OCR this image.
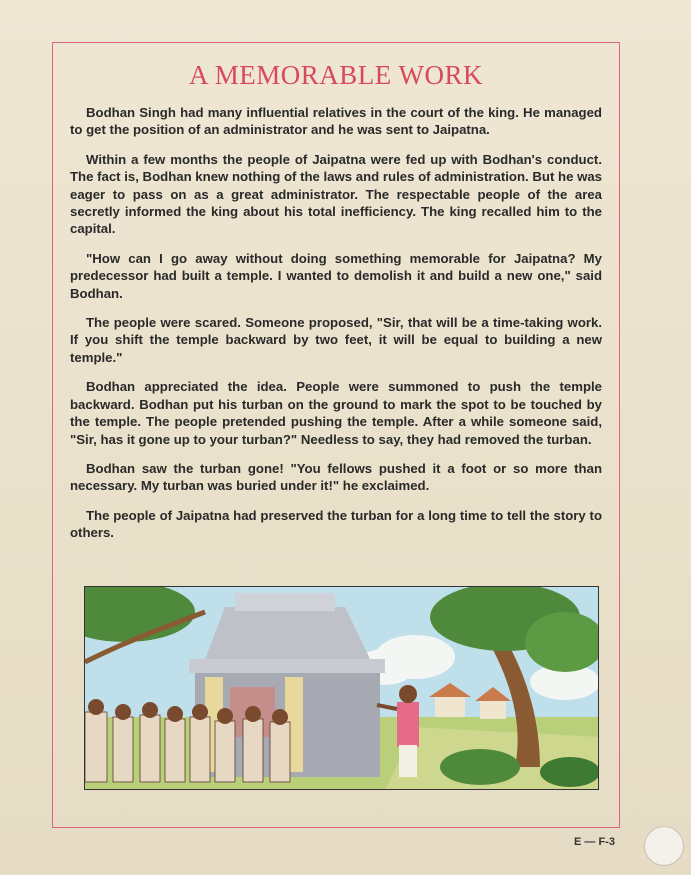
A MEMORABLE WORK

Bodhan Singh had many influential relatives in the court of the king. He managed to get the position of an administrator and he was sent to Jaipatna.

Within a few months the people of Jaipatna were fed up with Bodhan's conduct. The fact is, Bodhan knew nothing of the laws and rules of administration. But he was eager to pass on as a great administrator. The respectable people of the area secretly informed the king about his total inefficiency. The king recalled him to the capital.

"How can I go away without doing something memorable for Jaipatna? My predecessor had built a temple. I wanted to demolish it and build a new one," said Bodhan.

The people were scared. Someone proposed, "Sir, that will be a time-taking work. If you shift the temple backward by two feet, it will be equal to building a new temple."

Bodhan appreciated the idea. People were summoned to push the temple backward. Bodhan put his turban on the ground to mark the spot to be touched by the temple. The people pretended pushing the temple. After a while someone said, "Sir, has it gone up to your turban?" Needless to say, they had removed the turban.

Bodhan saw the turban gone! "You fellows pushed it a foot or so more than necessary. My turban was buried under it!" he exclaimed.

The people of Jaipatna had preserved the turban for a long time to tell the story to others.

E — F-3
